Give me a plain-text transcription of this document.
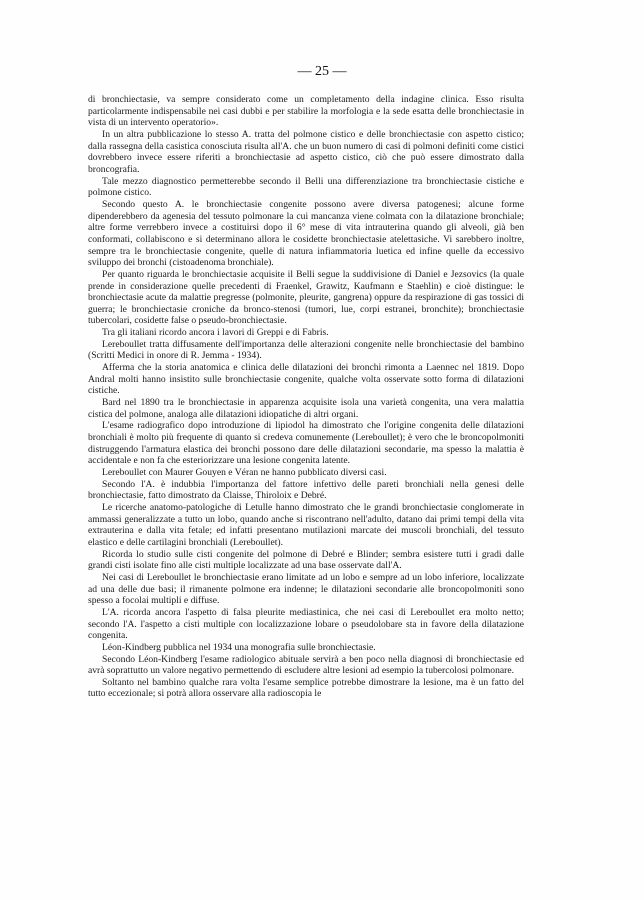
— 25 —

di bronchiectasie, va sempre considerato come un completamento della indagine clinica. Esso risulta particolarmente indispensabile nei casi dubbi e per stabilire la morfologia e la sede esatta delle bronchiectasie in vista di un intervento operatorio».

In un altra pubblicazione lo stesso A. tratta del polmone cistico e delle bronchiectasie con aspetto cistico; dalla rassegna della casistica conosciuta risulta all'A. che un buon numero di casi di polmoni definiti come cistici dovrebbero invece essere riferiti a bronchiectasie ad aspetto cistico, ciò che può essere dimostrato dalla broncografia.

Tale mezzo diagnostico permetterebbe secondo il Belli una differenziazione tra bronchiectasie cistiche e polmone cistico.

Secondo questo A. le bronchiectasie congenite possono avere diversa patogenesi; alcune forme dipenderebbero da agenesia del tessuto polmonare la cui mancanza viene colmata con la dilatazione bronchiale; altre forme verrebbero invece a costituirsi dopo il 6° mese di vita intrauterina quando gli alveoli, già ben conformati, collabiscono e si determinano allora le cosidette bronchiectasie atelettasiche. Vi sarebbero inoltre, sempre tra le bronchiectasie congenite, quelle di natura infiammatoria luetica ed infine quelle da eccessivo sviluppo dei bronchi (cistoadenoma bronchiale).

Per quanto riguarda le bronchiectasie acquisite il Belli segue la suddivisione di Daniel e Jezsovics (la quale prende in considerazione quelle precedenti di Fraenkel, Grawitz, Kaufmann e Staehlin) e cioè distingue: le bronchiectasie acute da malattie pregresse (polmonite, pleurite, gangrena) oppure da respirazione di gas tossici di guerra; le bronchiectasie croniche da bronco-stenosi (tumori, lue, corpi estranei, bronchite); bronchiectasie tubercolari, cosidette false o pseudo-bronchiectasie.

Tra gli italiani ricordo ancora i lavori di Greppi e di Fabris.

Lereboullet tratta diffusamente dell'importanza delle alterazioni congenite nelle bronchiectasie del bambino (Scritti Medici in onore di R. Jemma - 1934).

Afferma che la storia anatomica e clinica delle dilatazioni dei bronchi rimonta a Laennec nel 1819. Dopo Andral molti hanno insistito sulle bronchiectasie congenite, qualche volta osservate sotto forma di dilatazioni cistiche.

Bard nel 1890 tra le bronchiectasie in apparenza acquisite isola una varietà congenita, una vera malattia cistica del polmone, analoga alle dilatazioni idiopatiche di altri organi.

L'esame radiografico dopo introduzione di lipiodol ha dimostrato che l'origine congenita delle dilatazioni bronchiali è molto più frequente di quanto si credeva comunemente (Lereboullet); è vero che le broncopolmoniti distruggendo l'armatura elastica dei bronchi possono dare delle dilatazioni secondarie, ma spesso la malattia è accidentale e non fa che esteriorizzare una lesione congenita latente.

Lereboullet con Maurer Gouyen e Véran ne hanno pubblicato diversi casi.

Secondo l'A. è indubbia l'importanza del fattore infettivo delle pareti bronchiali nella genesi delle bronchiectasie, fatto dimostrato da Claisse, Thiroloix e Debré.

Le ricerche anatomo-patologiche di Letulle hanno dimostrato che le grandi bronchiectasie conglomerate in ammassi generalizzate a tutto un lobo, quando anche si riscontrano nell'adulto, datano dai primi tempi della vita extrauterina e dalla vita fetale; ed infatti presentano mutilazioni marcate dei muscoli bronchiali, del tessuto elastico e delle cartilagini bronchiali (Lereboullet).

Ricorda lo studio sulle cisti congenite del polmone di Debré e Blinder; sembra esistere tutti i gradi dalle grandi cisti isolate fino alle cisti multiple localizzate ad una base osservate dall'A.

Nei casi di Lereboullet le bronchiectasie erano limitate ad un lobo e sempre ad un lobo inferiore, localizzate ad una delle due basi; il rimanente polmone era indenne; le dilatazioni secondarie alle broncopolmoniti sono spesso a focolai multipli e diffuse.

L'A. ricorda ancora l'aspetto di falsa pleurite mediastinica, che nei casi di Lereboullet era molto netto; secondo l'A. l'aspetto a cisti multiple con localizzazione lobare o pseudolobare sta in favore della dilatazione congenita.

Léon-Kindberg pubblica nel 1934 una monografia sulle bronchiectasie.

Secondo Léon-Kindberg l'esame radiologico abituale servirà a ben poco nella diagnosi di bronchiectasie ed avrà soprattutto un valore negativo permettendo di escludere altre lesioni ad esempio la tubercolosi polmonare.

Soltanto nel bambino qualche rara volta l'esame semplice potrebbe dimostrare la lesione, ma è un fatto del tutto eccezionale; si potrà allora osservare alla radioscopia le
